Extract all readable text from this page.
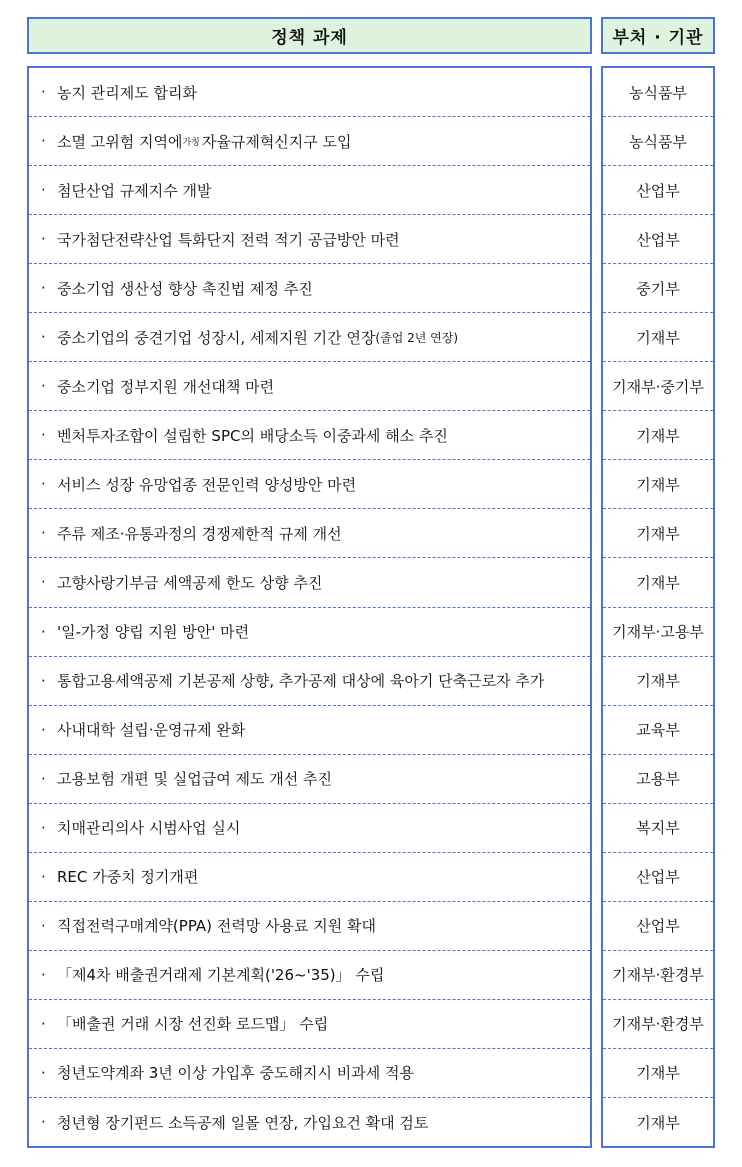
정책 과제	부처 · 기관
· 농지 관리제도 합리화
· 소멸 고위험 지역에 가칭 자율규제혁신지구 도입
· 첨단산업 규제지수 개발
· 국가첨단전략산업 특화단지 전력 적기 공급방안 마련
· 중소기업 생산성 향상 촉진법 제정 추진
· 중소기업의 중견기업 성장시, 세제지원 기간 연장 (졸업 2년 연장)
· 중소기업 정부지원 개선대책 마련
· 벤처투자조합이 설립한 SPC의 배당소득 이중과세 해소 추진
· 서비스 성장 유망업종 전문인력 양성방안 마련
· 주류 제조·유통과정의 경쟁제한적 규제 개선
· 고향사랑기부금 세액공제 한도 상향 추진
· '일-가정 양립 지원 방안' 마련
· 통합고용세액공제 기본공제 상향, 추가공제 대상에 육아기 단축근로자 추가
· 사내대학 설립·운영규제 완화
· 고용보험 개편 및 실업급여 제도 개선 추진
· 치매관리의사 시범사업 실시
· REC 가중치 정기개편
· 직접전력구매계약(PPA) 전력망 사용료 지원 확대
· 「제4차 배출권거래제 기본계획('26~'35)」 수립
· 「배출권 거래 시장 선진화 로드맵」 수립
· 청년도약계좌 3년 이상 가입후 중도해지시 비과세 적용
· 청년형 장기펀드 소득공제 일몰 연장, 가입요건 확대 검토
농식품부
농식품부
산업부
산업부
중기부
기재부
기재부·중기부
기재부
기재부
기재부
기재부
기재부·고용부
기재부
교육부
고용부
복지부
산업부
산업부
기재부·환경부
기재부·환경부
기재부
기재부
